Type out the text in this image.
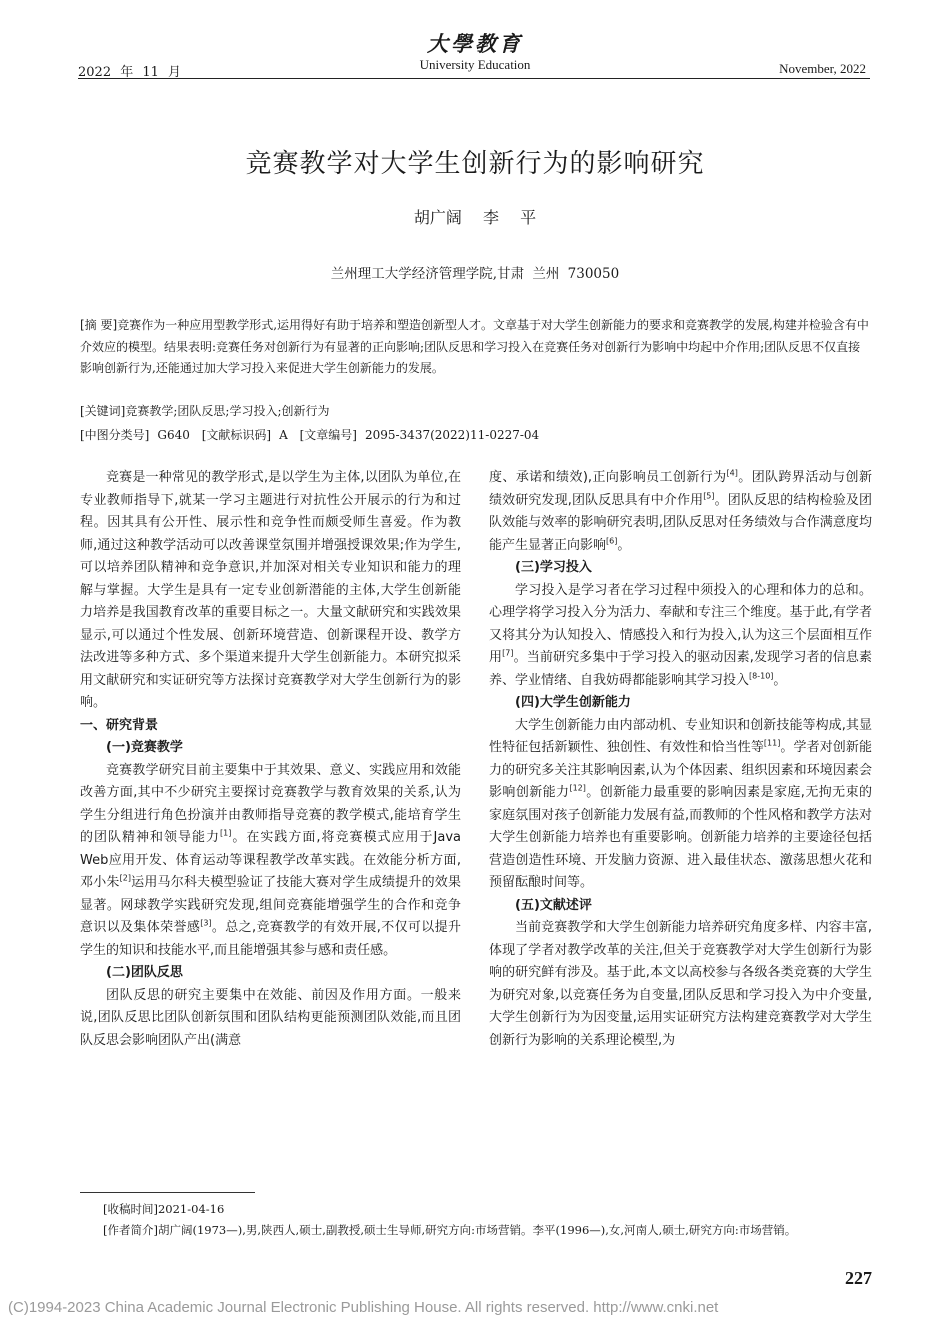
大學教育
University Education
2022 年 11 月	November, 2022
竞赛教学对大学生创新行为的影响研究
胡广阔 李 平
兰州理工大学经济管理学院,甘肃 兰州 730050
[摘 要]竞赛作为一种应用型教学形式,运用得好有助于培养和塑造创新型人才。文章基于对大学生创新能力的要求和竞赛教学的发展,构建并检验含有中介效应的模型。结果表明:竞赛任务对创新行为有显著的正向影响;团队反思和学习投入在竞赛任务对创新行为影响中均起中介作用;团队反思不仅直接影响创新行为,还能通过加大学习投入来促进大学生创新能力的发展。
[关键词]竞赛教学;团队反思;学习投入;创新行为
[中图分类号] G640 [文献标识码] A [文章编号] 2095-3437(2022)11-0227-04

竞赛是一种常见的教学形式,是以学生为主体,以团队为单位,在专业教师指导下,就某一学习主题进行对抗性公开展示的行为和过程。因其具有公开性、展示性和竞争性而颇受师生喜爱。作为教师,通过这种教学活动可以改善课堂氛围并增强授课效果;作为学生,可以培养团队精神和竞争意识,并加深对相关专业知识和能力的理解与掌握。大学生是具有一定专业创新潜能的主体,大学生创新能力培养是我国教育改革的重要目标之一。大量文献研究和实践效果显示,可以通过个性发展、创新环境营造、创新课程开设、教学方法改进等多种方式、多个渠道来提升大学生创新能力。本研究拟采用文献研究和实证研究等方法探讨竞赛教学对大学生创新行为的影响。

一、研究背景
(一)竞赛教学

竞赛教学研究目前主要集中于其效果、意义、实践应用和效能改善方面,其中不少研究主要探讨竞赛教学与教育效果的关系,认为学生分组进行角色扮演并由教师指导竞赛的教学模式,能培育学生的团队精神和领导能力[1]。在实践方面,将竞赛模式应用于Java Web应用开发、体育运动等课程教学改革实践。在效能分析方面,邓小朱[2]运用马尔科夫模型验证了技能大赛对学生成绩提升的效果显著。网球教学实践研究发现,组间竞赛能增强学生的合作和竞争意识以及集体荣誉感[3]。总之,竞赛教学的有效开展,不仅可以提升学生的知识和技能水平,而且能增强其参与感和责任感。

(二)团队反思

团队反思的研究主要集中在效能、前因及作用方面。一般来说,团队反思比团队创新氛围和团队结构更能预测团队效能,而且团队反思会影响团队产出(满意

度、承诺和绩效),正向影响员工创新行为[4]。团队跨界活动与创新绩效研究发现,团队反思具有中介作用[5]。团队反思的结构检验及团队效能与效率的影响研究表明,团队反思对任务绩效与合作满意度均能产生显著正向影响[6]。

(三)学习投入

学习投入是学习者在学习过程中须投入的心理和体力的总和。心理学将学习投入分为活力、奉献和专注三个维度。基于此,有学者又将其分为认知投入、情感投入和行为投入,认为这三个层面相互作用[7]。当前研究多集中于学习投入的驱动因素,发现学习者的信息素养、学业情绪、自我妨碍都能影响其学习投入[8-10]。

(四)大学生创新能力

大学生创新能力由内部动机、专业知识和创新技能等构成,其显性特征包括新颖性、独创性、有效性和恰当性等[11]。学者对创新能力的研究多关注其影响因素,认为个体因素、组织因素和环境因素会影响创新能力[12]。创新能力最重要的影响因素是家庭,无拘无束的家庭氛围对孩子创新能力发展有益,而教师的个性风格和教学方法对大学生创新能力培养也有重要影响。创新能力培养的主要途径包括营造创造性环境、开发脑力资源、进入最佳状态、激荡思想火花和预留酝酿时间等。

(五)文献述评

当前竞赛教学和大学生创新能力培养研究角度多样、内容丰富,体现了学者对教学改革的关注,但关于竞赛教学对大学生创新行为影响的研究鲜有涉及。基于此,本文以高校参与各级各类竞赛的大学生为研究对象,以竞赛任务为自变量,团队反思和学习投入为中介变量,大学生创新行为为因变量,运用实证研究方法构建竞赛教学对大学生创新行为影响的关系理论模型,为

[收稿时间]2021-04-16
[作者简介]胡广阔(1973—),男,陕西人,硕士,副教授,硕士生导师,研究方向:市场营销。李平(1996—),女,河南人,硕士,研究方向:市场营销。
227
(C)1994-2023 China Academic Journal Electronic Publishing House. All rights reserved. http://www.cnki.net
